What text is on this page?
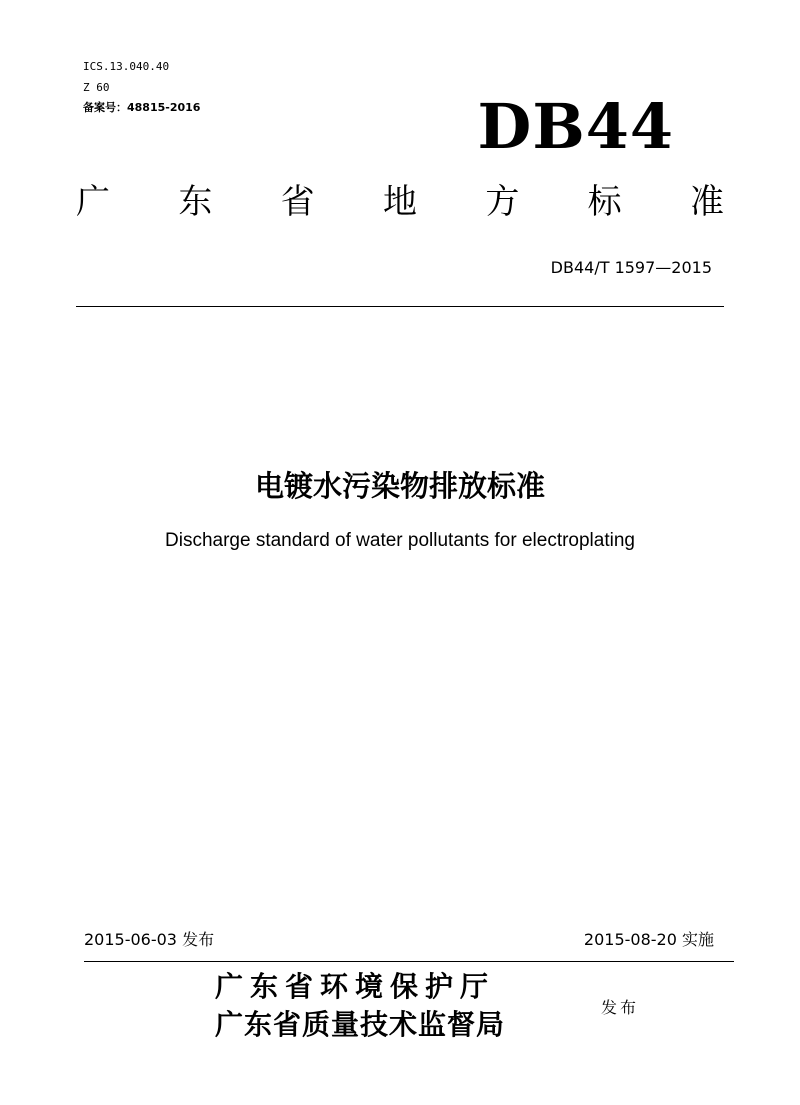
ICS.13.040.40
Z 60
备案号：48815-2016	DB44
广 东 省 地 方 标 准
DB44/T 1597—2015
电镀水污染物排放标准
Discharge standard of water pollutants for electroplating
2015-06-03 发布	2015-08-20 实施
广东省环境保护厅
广东省质量技术监督局
发布
